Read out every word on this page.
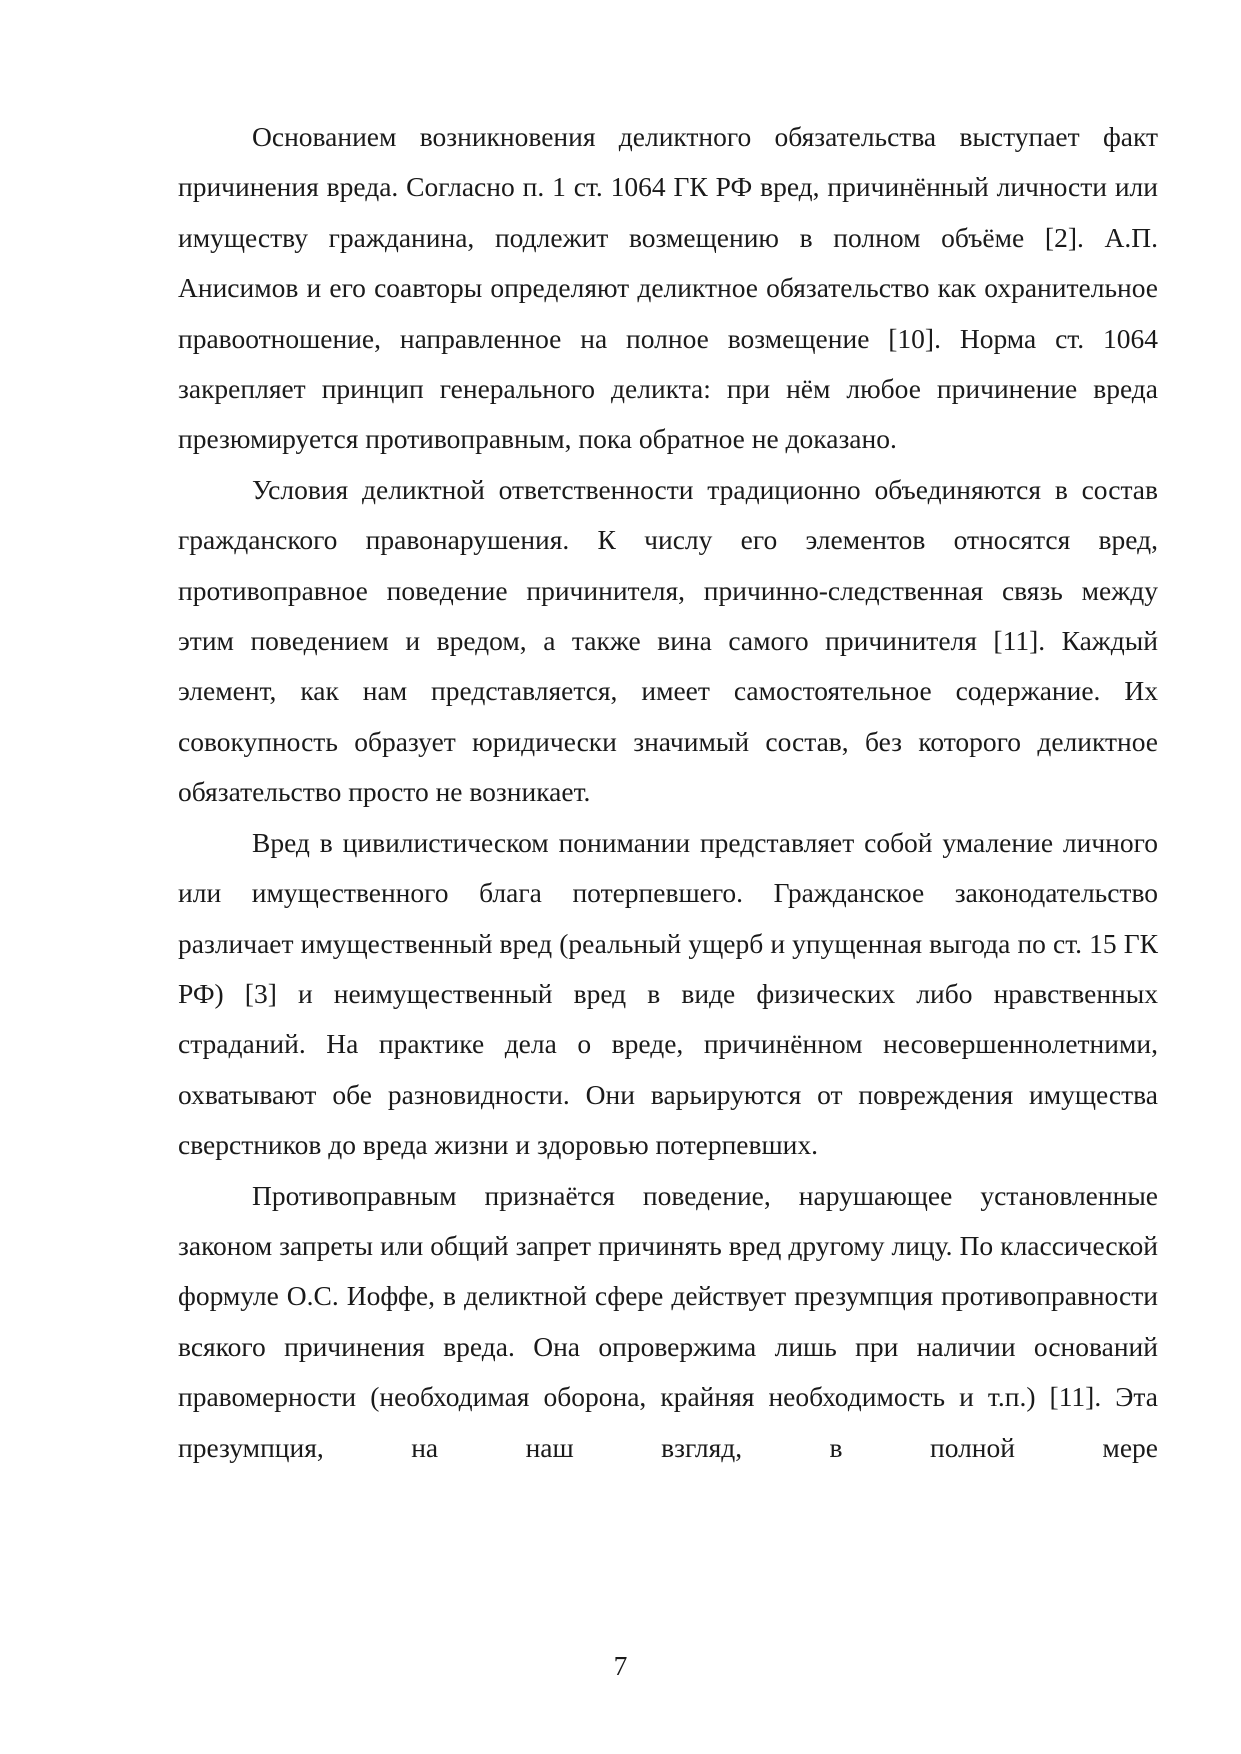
Основанием возникновения деликтного обязательства выступает факт причинения вреда. Согласно п. 1 ст. 1064 ГК РФ вред, причинённый личности или имуществу гражданина, подлежит возмещению в полном объёме [2]. А.П. Анисимов и его соавторы определяют деликтное обязательство как охранительное правоотношение, направленное на полное возмещение [10]. Норма ст. 1064 закрепляет принцип генерального деликта: при нём любое причинение вреда презюмируется противоправным, пока обратное не доказано.

Условия деликтной ответственности традиционно объединяются в состав гражданского правонарушения. К числу его элементов относятся вред, противоправное поведение причинителя, причинно-следственная связь между этим поведением и вредом, а также вина самого причинителя [11]. Каждый элемент, как нам представляется, имеет самостоятельное содержание. Их совокупность образует юридически значимый состав, без которого деликтное обязательство просто не возникает.

Вред в цивилистическом понимании представляет собой умаление личного или имущественного блага потерпевшего. Гражданское законодательство различает имущественный вред (реальный ущерб и упущенная выгода по ст. 15 ГК РФ) [3] и неимущественный вред в виде физических либо нравственных страданий. На практике дела о вреде, причинённом несовершеннолетними, охватывают обе разновидности. Они варьируются от повреждения имущества сверстников до вреда жизни и здоровью потерпевших.

Противоправным признаётся поведение, нарушающее установленные законом запреты или общий запрет причинять вред другому лицу. По классической формуле О.С. Иоффе, в деликтной сфере действует презумпция противоправности всякого причинения вреда. Она опровержима лишь при наличии оснований правомерности (необходимая оборона, крайняя необходимость и т.п.) [11]. Эта презумпция, на наш взгляд, в полной мере

7
